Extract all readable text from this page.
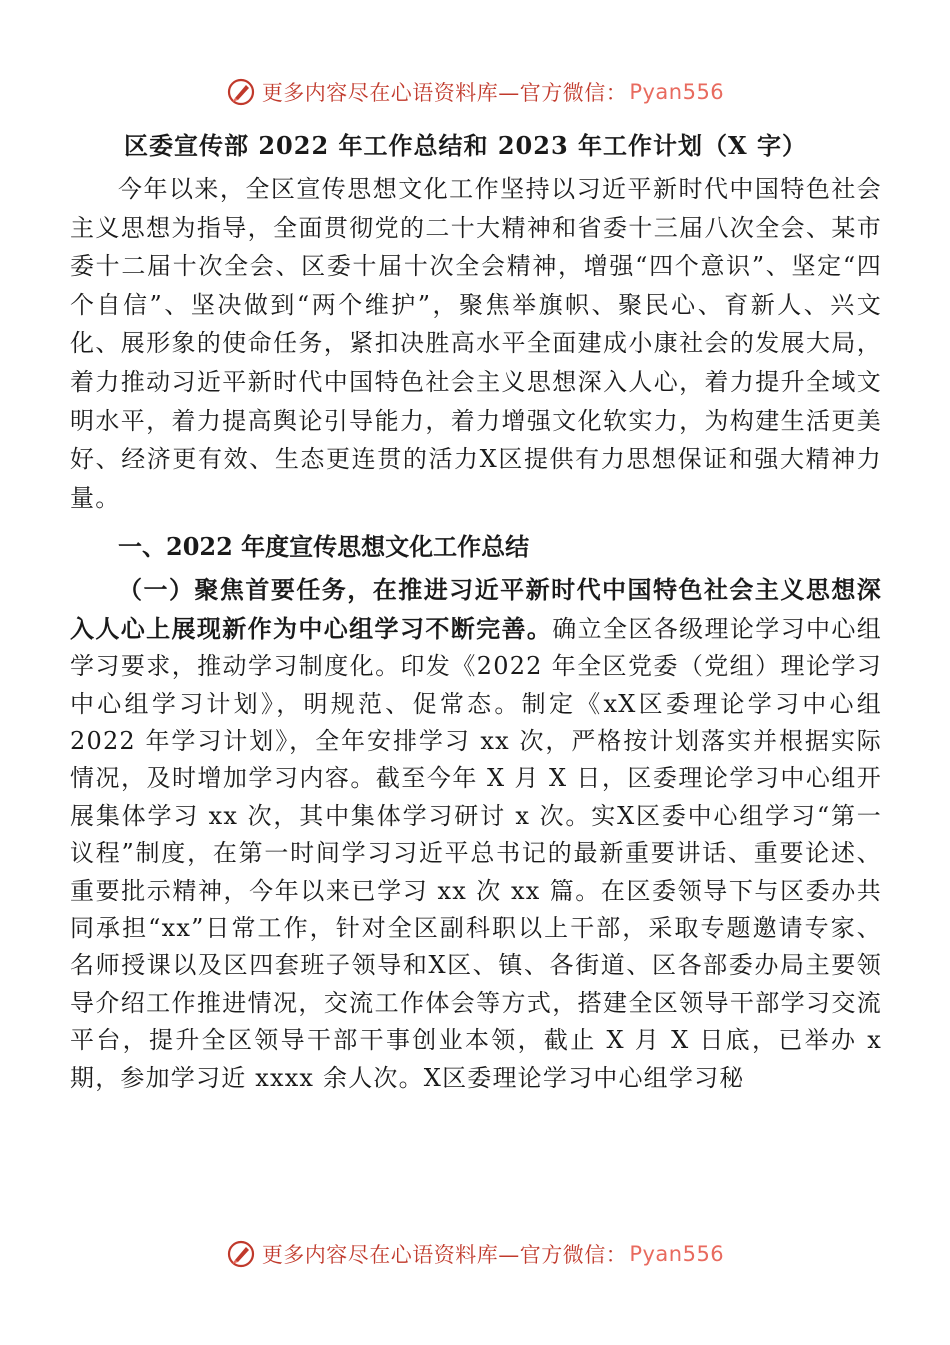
更多内容尽在心语资料库—官方微信： Pyan556
区委宣传部 2022 年工作总结和 2023 年工作计划（X 字）

今年以来，全区宣传思想文化工作坚持以习近平新时代中国特色社会主义思想为指导，全面贯彻党的二十大精神和省委十三届八次全会、某市委十二届十次全会、区委十届十次全会精神，增强“四个意识”、坚定“四个自信”、坚决做到“两个维护”，聚焦举旗帜、聚民心、育新人、兴文化、展形象的使命任务，紧扣决胜高水平全面建成小康社会的发展大局，着力推动习近平新时代中国特色社会主义思想深入人心，着力提升全域文明水平，着力提高舆论引导能力，着力增强文化软实力，为构建生活更美好、经济更有效、生态更连贯的活力X区提供有力思想保证和强大精神力量。

一、2022 年度宣传思想文化工作总结

（一）聚焦首要任务，在推进习近平新时代中国特色社会主义思想深入人心上展现新作为中心组学习不断完善。确立全区各级理论学习中心组学习要求，推动学习制度化。印发《2022 年全区党委（党组）理论学习中心组学习计划》，明规范、促常态。制定《xX区委理论学习中心组 2022 年学习计划》，全年安排学习 xx 次，严格按计划落实并根据实际情况，及时增加学习内容。截至今年 X 月 X 日，区委理论学习中心组开展集体学习 xx 次，其中集体学习研讨 x 次。实X区委中心组学习“第一议程”制度，在第一时间学习习近平总书记的最新重要讲话、重要论述、重要批示精神，今年以来已学习 xx 次 xx 篇。在区委领导下与区委办共同承担“xx”日常工作，针对全区副科职以上干部，采取专题邀请专家、名师授课以及区四套班子领导和X区、镇、各街道、区各部委办局主要领导介绍工作推进情况，交流工作体会等方式，搭建全区领导干部学习交流平台，提升全区领导干部干事创业本领，截止 X 月 X 日底，已举办 x 期，参加学习近 xxxx 余人次。X区委理论学习中心组学习秘

更多内容尽在心语资料库—官方微信： Pyan556
